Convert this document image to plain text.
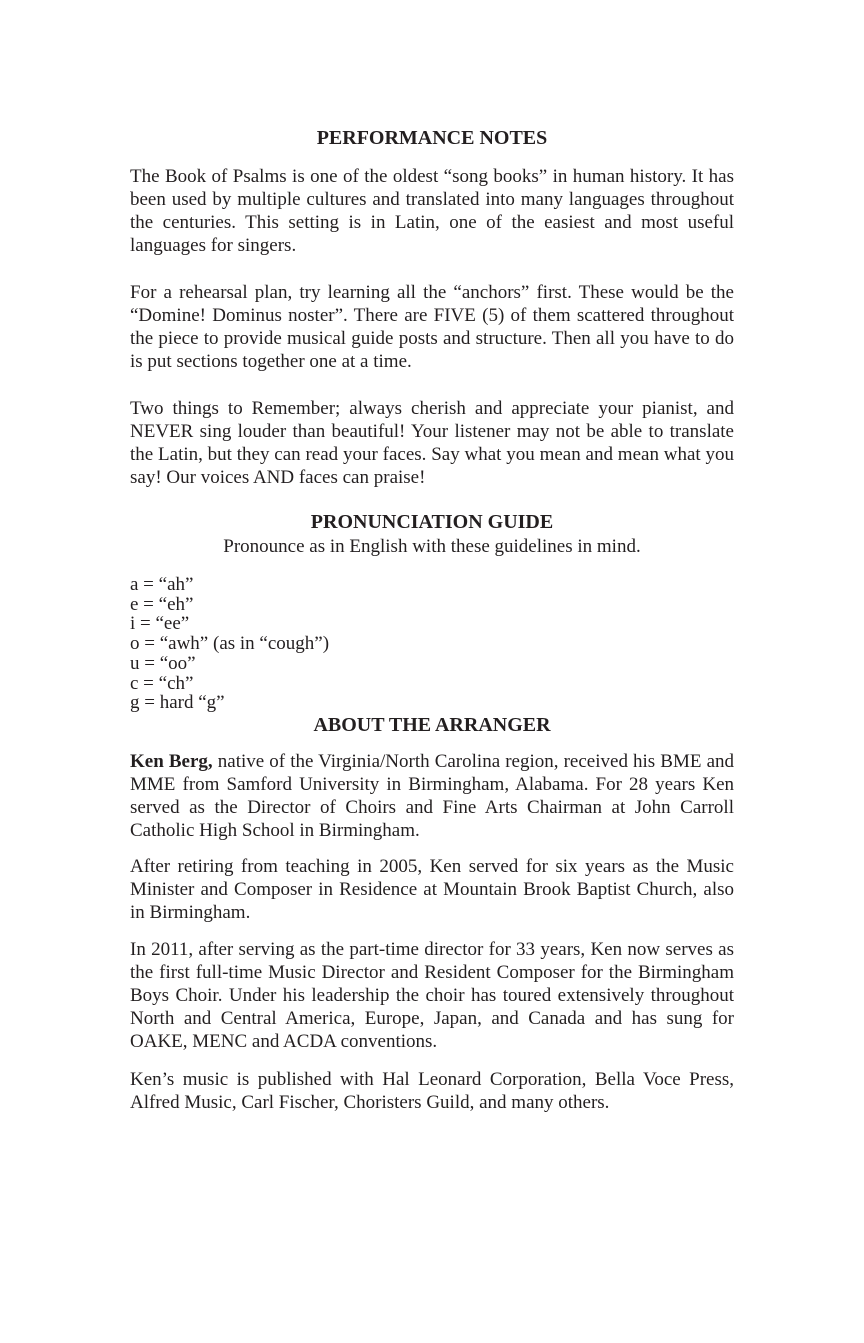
PERFORMANCE NOTES

The Book of Psalms is one of the oldest “song books” in human history. It has been used by multiple cultures and translated into many languages throughout the centuries. This setting is in Latin, one of the easiest and most useful languages for singers.

For a rehearsal plan, try learning all the “anchors” first. These would be the “Domine! Dominus noster”. There are FIVE (5) of them scattered throughout the piece to provide musical guide posts and structure. Then all you have to do is put sections together one at a time.

Two things to Remember; always cherish and appreciate your pianist, and NEVER sing louder than beautiful! Your listener may not be able to translate the Latin, but they can read your faces. Say what you mean and mean what you say! Our voices AND faces can praise!

PRONUNCIATION GUIDE

Pronounce as in English with these guidelines in mind.

a = “ah”
e = “eh”
i = “ee”
o = “awh” (as in “cough”)
u = “oo”
c = “ch”
g = hard “g”

ABOUT THE ARRANGER

Ken Berg, native of the Virginia/North Carolina region, received his BME and MME from Samford University in Birmingham, Alabama. For 28 years Ken served as the Director of Choirs and Fine Arts Chairman at John Carroll Catholic High School in Birmingham.

After retiring from teaching in 2005, Ken served for six years as the Music Minister and Composer in Residence at Mountain Brook Baptist Church, also in Birmingham.

In 2011, after serving as the part-time director for 33 years, Ken now serves as the first full-time Music Director and Resident Composer for the Birmingham Boys Choir. Under his leadership the choir has toured extensively throughout North and Central America, Europe, Japan, and Canada and has sung for OAKE, MENC and ACDA conventions.

Ken’s music is published with Hal Leonard Corporation, Bella Voce Press, Alfred Music, Carl Fischer, Choristers Guild, and many others.
